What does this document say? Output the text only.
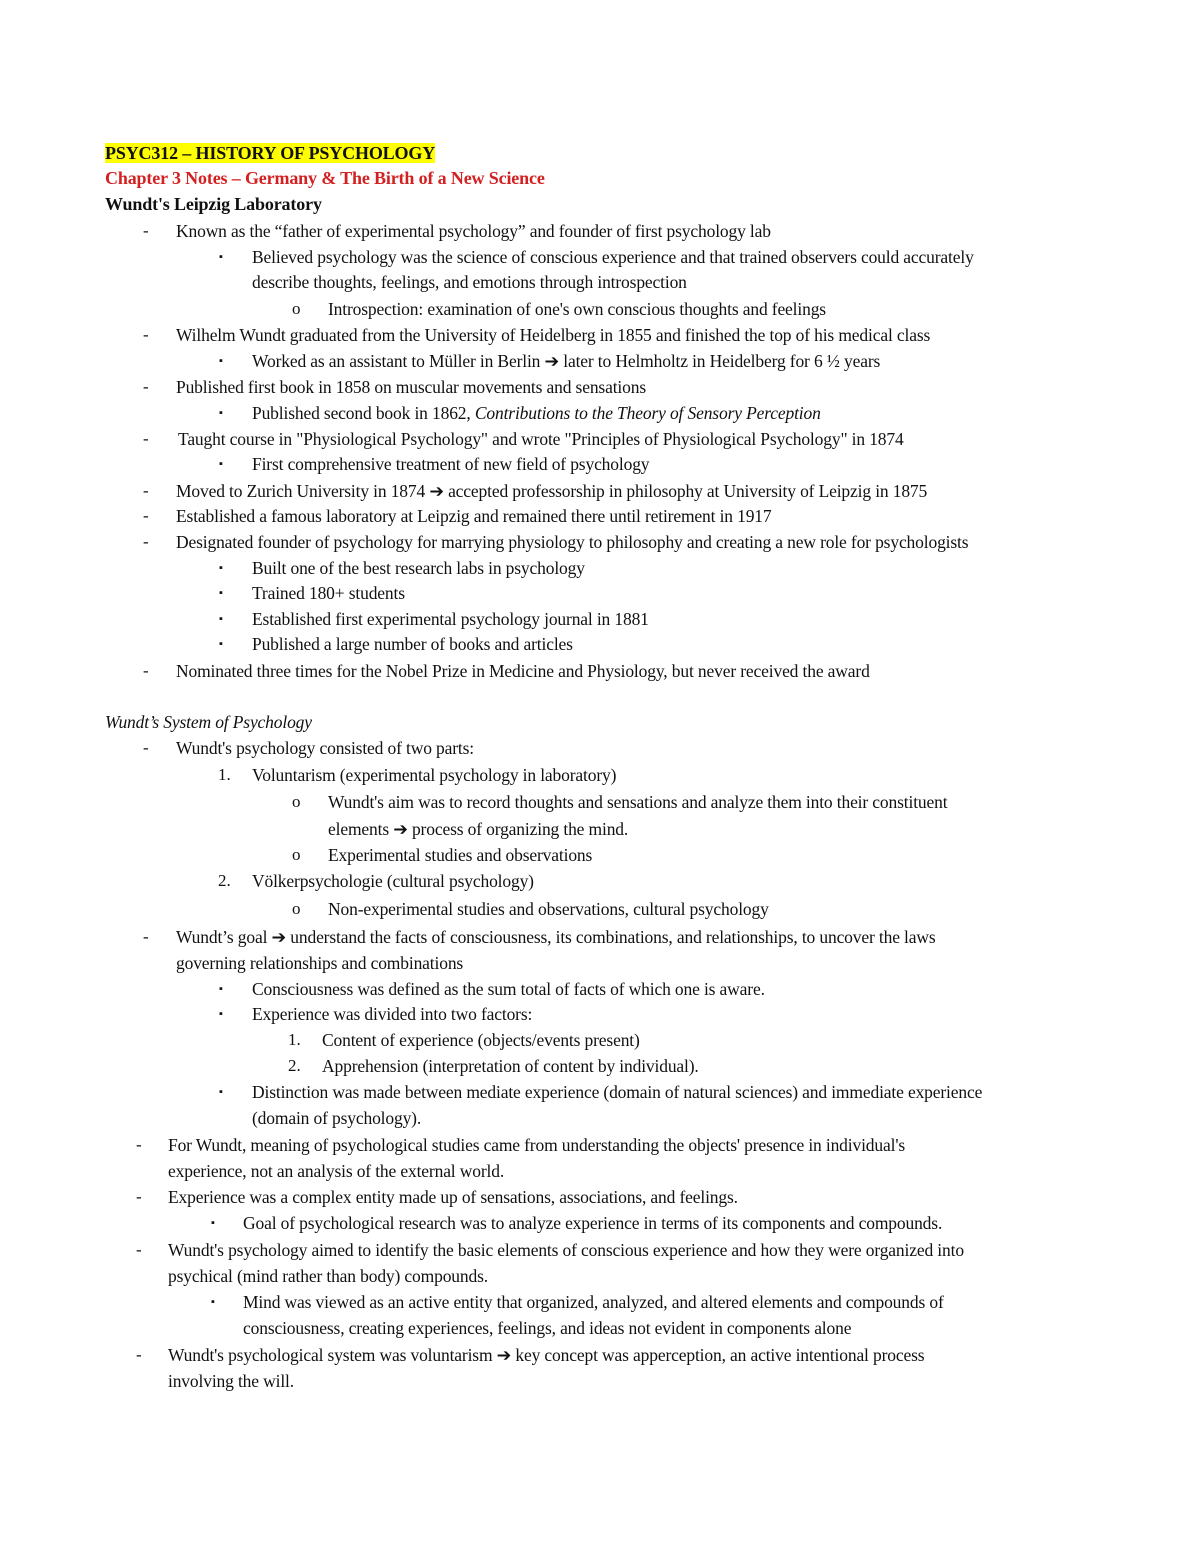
PSYC312 – HISTORY OF PSYCHOLOGY
Chapter 3 Notes – Germany & The Birth of a New Science
Wundt's Leipzig Laboratory
- Known as the “father of experimental psychology” and founder of first psychology lab
▪ Believed psychology was the science of conscious experience and that trained observers could accurately
describe thoughts, feelings, and emotions through introspection
o Introspection: examination of one's own conscious thoughts and feelings
- Wilhelm Wundt graduated from the University of Heidelberg in 1855 and finished the top of his medical class
▪ Worked as an assistant to Müller in Berlin ➔ later to Helmholtz in Heidelberg for 6 ½ years
- Published first book in 1858 on muscular movements and sensations
▪ Published second book in 1862, Contributions to the Theory of Sensory Perception
- Taught course in "Physiological Psychology" and wrote "Principles of Physiological Psychology" in 1874
▪ First comprehensive treatment of new field of psychology
- Moved to Zurich University in 1874 ➔ accepted professorship in philosophy at University of Leipzig in 1875
- Established a famous laboratory at Leipzig and remained there until retirement in 1917
- Designated founder of psychology for marrying physiology to philosophy and creating a new role for psychologists
▪ Built one of the best research labs in psychology
▪ Trained 180+ students
▪ Established first experimental psychology journal in 1881
▪ Published a large number of books and articles
- Nominated three times for the Nobel Prize in Medicine and Physiology, but never received the award
Wundt’s System of Psychology
- Wundt's psychology consisted of two parts:
1. Voluntarism (experimental psychology in laboratory)
o Wundt's aim was to record thoughts and sensations and analyze them into their constituent
elements ➔ process of organizing the mind.
o Experimental studies and observations
2. Völkerpsychologie (cultural psychology)
o Non-experimental studies and observations, cultural psychology
- Wundt’s goal ➔ understand the facts of consciousness, its combinations, and relationships, to uncover the laws
governing relationships and combinations
▪ Consciousness was defined as the sum total of facts of which one is aware.
▪ Experience was divided into two factors:
1. Content of experience (objects/events present)
2. Apprehension (interpretation of content by individual).
▪ Distinction was made between mediate experience (domain of natural sciences) and immediate experience
(domain of psychology).
- For Wundt, meaning of psychological studies came from understanding the objects' presence in individual's
experience, not an analysis of the external world.
- Experience was a complex entity made up of sensations, associations, and feelings.
▪ Goal of psychological research was to analyze experience in terms of its components and compounds.
- Wundt's psychology aimed to identify the basic elements of conscious experience and how they were organized into
psychical (mind rather than body) compounds.
▪ Mind was viewed as an active entity that organized, analyzed, and altered elements and compounds of
consciousness, creating experiences, feelings, and ideas not evident in components alone
- Wundt's psychological system was voluntarism ➔ key concept was apperception, an active intentional process
involving the will.
